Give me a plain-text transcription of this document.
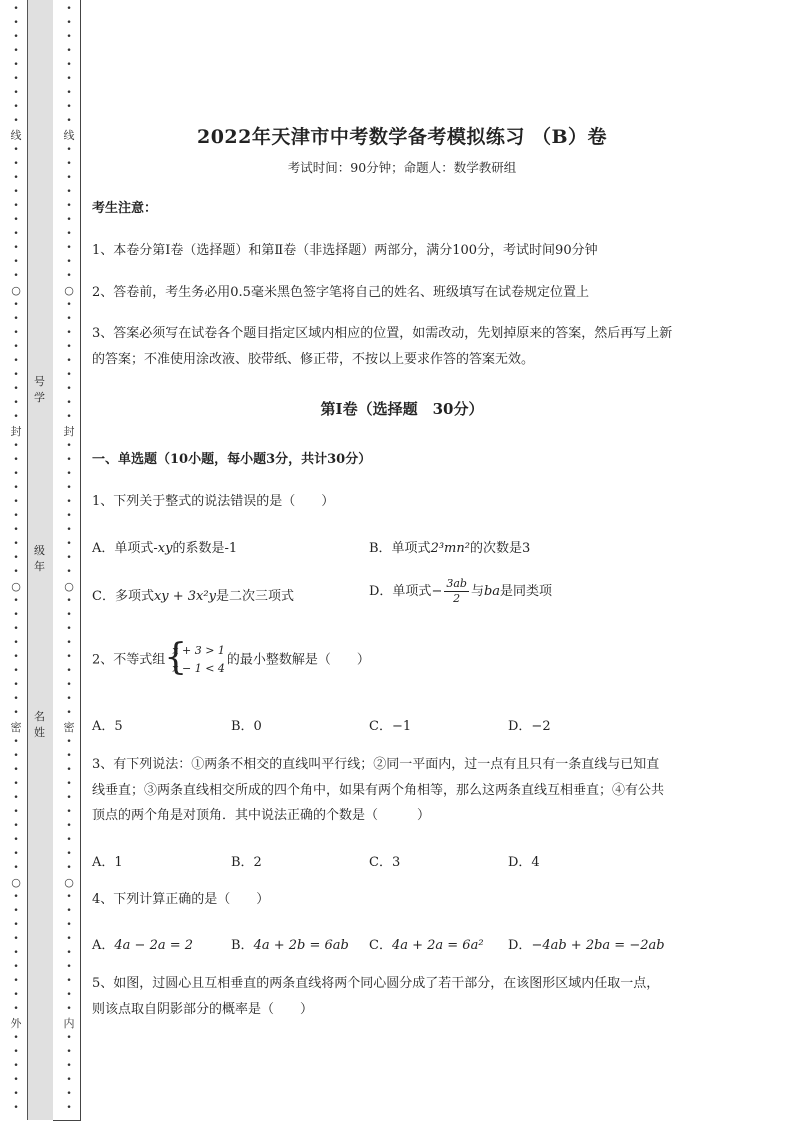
•
•
•
•
•
•
•
•
•
线
•
•
•
•
•
•
•
•
•
•
○
•
•
•
•
•
•
•
•
•
封
•
•
•
•
•
•
•
•
•
•
○
•
•
•
•
•
•
•
•
•
密
•
•
•
•
•
•
•
•
•
•
○
•
•
•
•
•
•
•
•
•
外
•
•
•
•
•
•
•
•
•
•
•
•
•
•
•
线
•
•
•
•
•
•
•
•
•
•
○
•
•
•
•
•
•
•
•
•
封
•
•
•
•
•
•
•
•
•
•
○
•
•
•
•
•
•
•
•
•
密
•
•
•
•
•
•
•
•
•
•
○
•
•
•
•
•
•
•
•
•
内
•
•
•
•
•
•
号学
级年
名姓
2022年天津市中考数学备考模拟练习 （B）卷
考试时间：90分钟；命题人：数学教研组
考生注意：
1、本卷分第Ⅰ卷（选择题）和第Ⅱ卷（非选择题）两部分，满分100分，考试时间90分钟
2、答卷前，考生务必用0.5毫米黑色签字笔将自己的姓名、班级填写在试卷规定位置上
3、答案必须写在试卷各个题目指定区域内相应的位置，如需改动，先划掉原来的答案，然后再写上新
的答案；不准使用涂改液、胶带纸、修正带，不按以上要求作答的答案无效。
第Ⅰ卷（选择题　30分）
一、单选题（10小题，每小题3分，共计30分）
1、下列关于整式的说法错误的是（　　）
A．单项式-xy的系数是-1	B．单项式2³mn²的次数是3
C．多项式xy + 3x²y是二次三项式	D．单项式− $\frac{3ab}{2}$ 与ba是同类项
2、不等式组 {
x + 3 > 1
x − 1 < 4
的最小整数解是（　　）
A．5	B．0	C．−1	D．−2
3、有下列说法：①两条不相交的直线叫平行线；②同一平面内，过一点有且只有一条直线与已知直
线垂直；③两条直线相交所成的四个角中，如果有两个角相等，那么这两条直线互相垂直；④有公共
顶点的两个角是对顶角．其中说法正确的个数是（　　　）
A．1	B．2	C．3	D．4
4、下列计算正确的是（　　）
A．4a − 2a = 2	B．4a + 2b = 6ab C．4a + 2a = 6a² D．−4ab + 2ba = −2ab
5、如图，过圆心且互相垂直的两条直线将两个同心圆分成了若干部分，在该图形区域内任取一点，
则该点取自阴影部分的概率是（　　）
